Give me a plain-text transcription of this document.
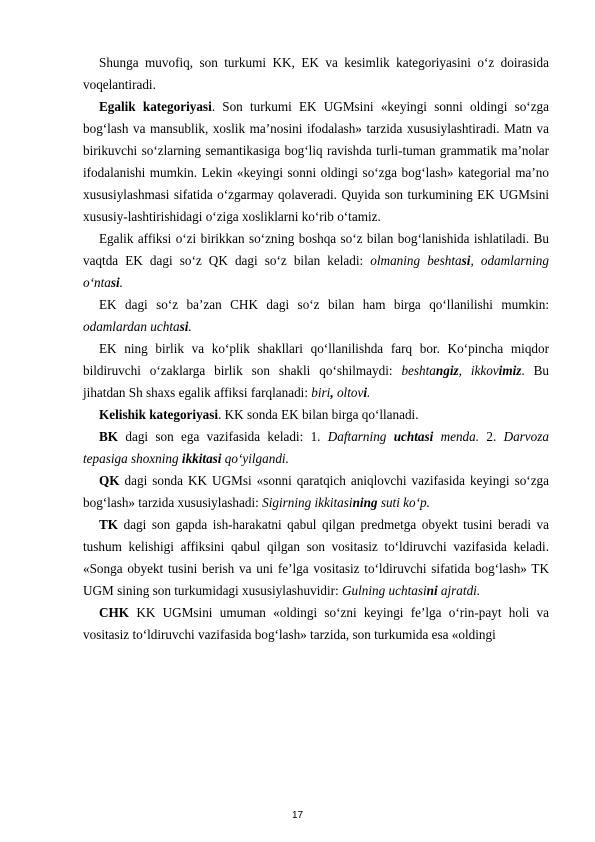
Shunga muvofiq, son turkumi KK, EK va kesimlik kategoriyasini o‘z doirasida voqelantiradi.

Egalik kategoriyasi. Son turkumi EK UGMsini «keyingi sonni oldingi so‘zga bog‘lash va mansublik, xoslik ma’nosini ifodalash» tarzida xususiylashtiradi. Matn va birikuvchi so‘zlarning semantikasiga bog‘liq ravishda turli-tuman grammatik ma’nolar ifodalanishi mumkin. Lekin «keyingi sonni oldingi so‘zga bog‘lash» kategorial ma’no xususiylashmasi sifatida o‘zgarmay qolaveradi. Quyida son turkumining EK UGMsini xususiy-lashtirishidagi o‘ziga xosliklarni ko‘rib o‘tamiz.

Egalik affiksi o‘zi birikkan so‘zning boshqa so‘z bilan bog‘lanishida ishlatiladi. Bu vaqtda EK dagi so‘z QK dagi so‘z bilan keladi: olmaning beshtasi, odamlarning o‘ntasi.

EK dagi so‘z ba’zan CHK dagi so‘z bilan ham birga qo‘llanilishi mumkin: odamlardan uchtasi.

EK ning birlik va ko‘plik shakllari qo‘llanilishda farq bor. Ko‘pincha miqdor bildiruvchi o‘zaklarga birlik son shakli qo‘shilmaydi: beshtangiz, ikkovimiz. Bu jihatdan Sh shaxs egalik affiksi farqlanadi: biri, oltovi.

Kelishik kategoriyasi. KK sonda EK bilan birga qo‘llanadi.

BK dagi son ega vazifasida keladi: 1. Daftarning uchtasi menda. 2. Darvoza tepasiga shoxning ikkitasi qo‘yilgandi.

QK dagi sonda KK UGMsi «sonni qaratqich aniqlovchi vazifasida keyingi so‘zga bog‘lash» tarzida xususiylashadi: Sigirning ikkitasining suti ko‘p.

TK dagi son gapda ish-harakatni qabul qilgan predmetga obyekt tusini beradi va tushum kelishigi affiksini qabul qilgan son vositasiz to‘ldiruvchi vazifasida keladi. «Songa obyekt tusini berish va uni fe’lga vositasiz to‘ldiruvchi sifatida bog‘lash» TK UGM sining son turkumidagi xususiylashuvidir: Gulning uchtasini ajratdi.

CHK KK UGMsini umuman «oldingi so‘zni keyingi fe’lga o‘rin-payt holi va vositasiz to‘ldiruvchi vazifasida bog‘lash» tarzida, son turkumida esa «oldingi

17
